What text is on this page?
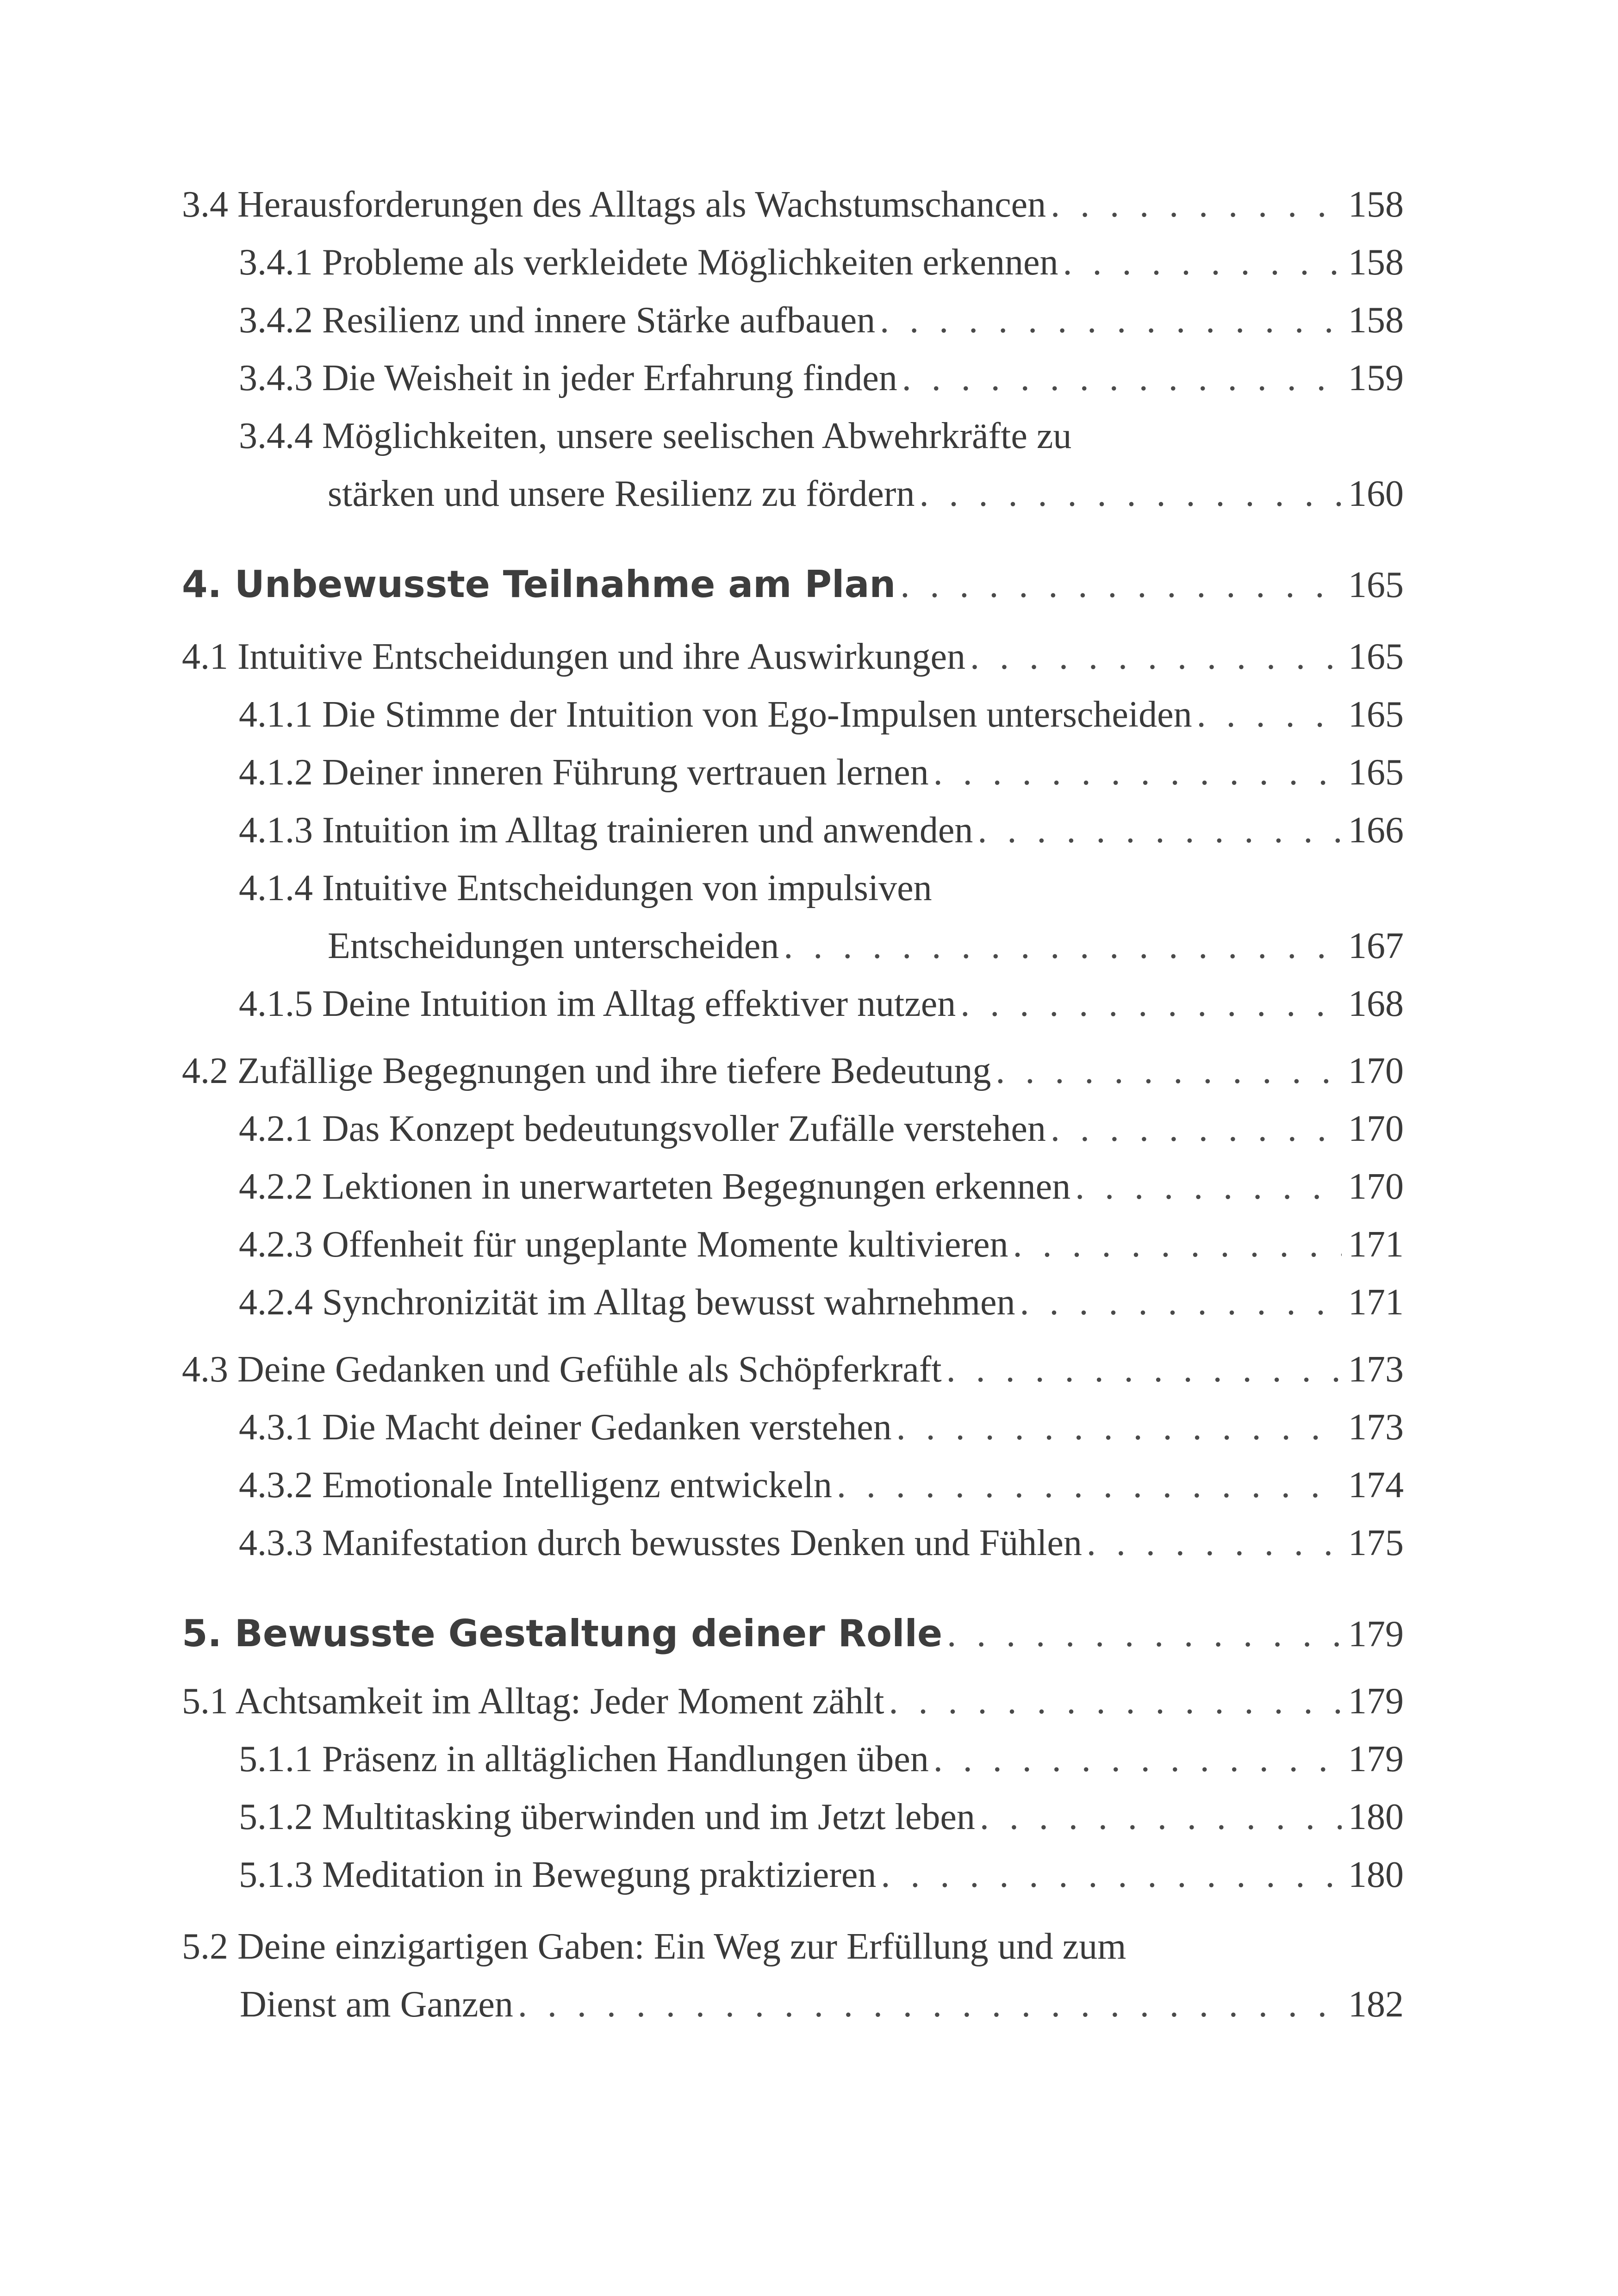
3.4 Herausforderungen des Alltags als Wachstumschancen . . .	158
3.4.1 Probleme als verkleidete Möglichkeiten erkennen . . .	158
3.4.2 Resilienz und innere Stärke aufbauen . . .	158
3.4.3 Die Weisheit in jeder Erfahrung finden . . .	159
3.4.4 Möglichkeiten, unsere seelischen Abwehrkräfte zu
stärken und unsere Resilienz zu fördern . . .	160
4. Unbewusste Teilnahme am Plan . . .	165
4.1 Intuitive Entscheidungen und ihre Auswirkungen . . .	165
4.1.1 Die Stimme der Intuition von Ego-Impulsen unterscheiden . . .	165
4.1.2 Deiner inneren Führung vertrauen lernen . . .	165
4.1.3 Intuition im Alltag trainieren und anwenden . . .	166
4.1.4 Intuitive Entscheidungen von impulsiven
Entscheidungen unterscheiden . . .	167
4.1.5 Deine Intuition im Alltag effektiver nutzen . . .	168
4.2 Zufällige Begegnungen und ihre tiefere Bedeutung . . .	170
4.2.1 Das Konzept bedeutungsvoller Zufälle verstehen . . .	170
4.2.2 Lektionen in unerwarteten Begegnungen erkennen . . .	170
4.2.3 Offenheit für ungeplante Momente kultivieren . . .	171
4.2.4 Synchronizität im Alltag bewusst wahrnehmen . . .	171
4.3 Deine Gedanken und Gefühle als Schöpferkraft . . .	173
4.3.1 Die Macht deiner Gedanken verstehen . . .	173
4.3.2 Emotionale Intelligenz entwickeln . . .	174
4.3.3 Manifestation durch bewusstes Denken und Fühlen . . .	175
5. Bewusste Gestaltung deiner Rolle . . .	179
5.1 Achtsamkeit im Alltag: Jeder Moment zählt . . .	179
5.1.1 Präsenz in alltäglichen Handlungen üben . . .	179
5.1.2 Multitasking überwinden und im Jetzt leben . . .	180
5.1.3 Meditation in Bewegung praktizieren . . .	180
5.2 Deine einzigartigen Gaben: Ein Weg zur Erfüllung und zum
Dienst am Ganzen . . .	182
